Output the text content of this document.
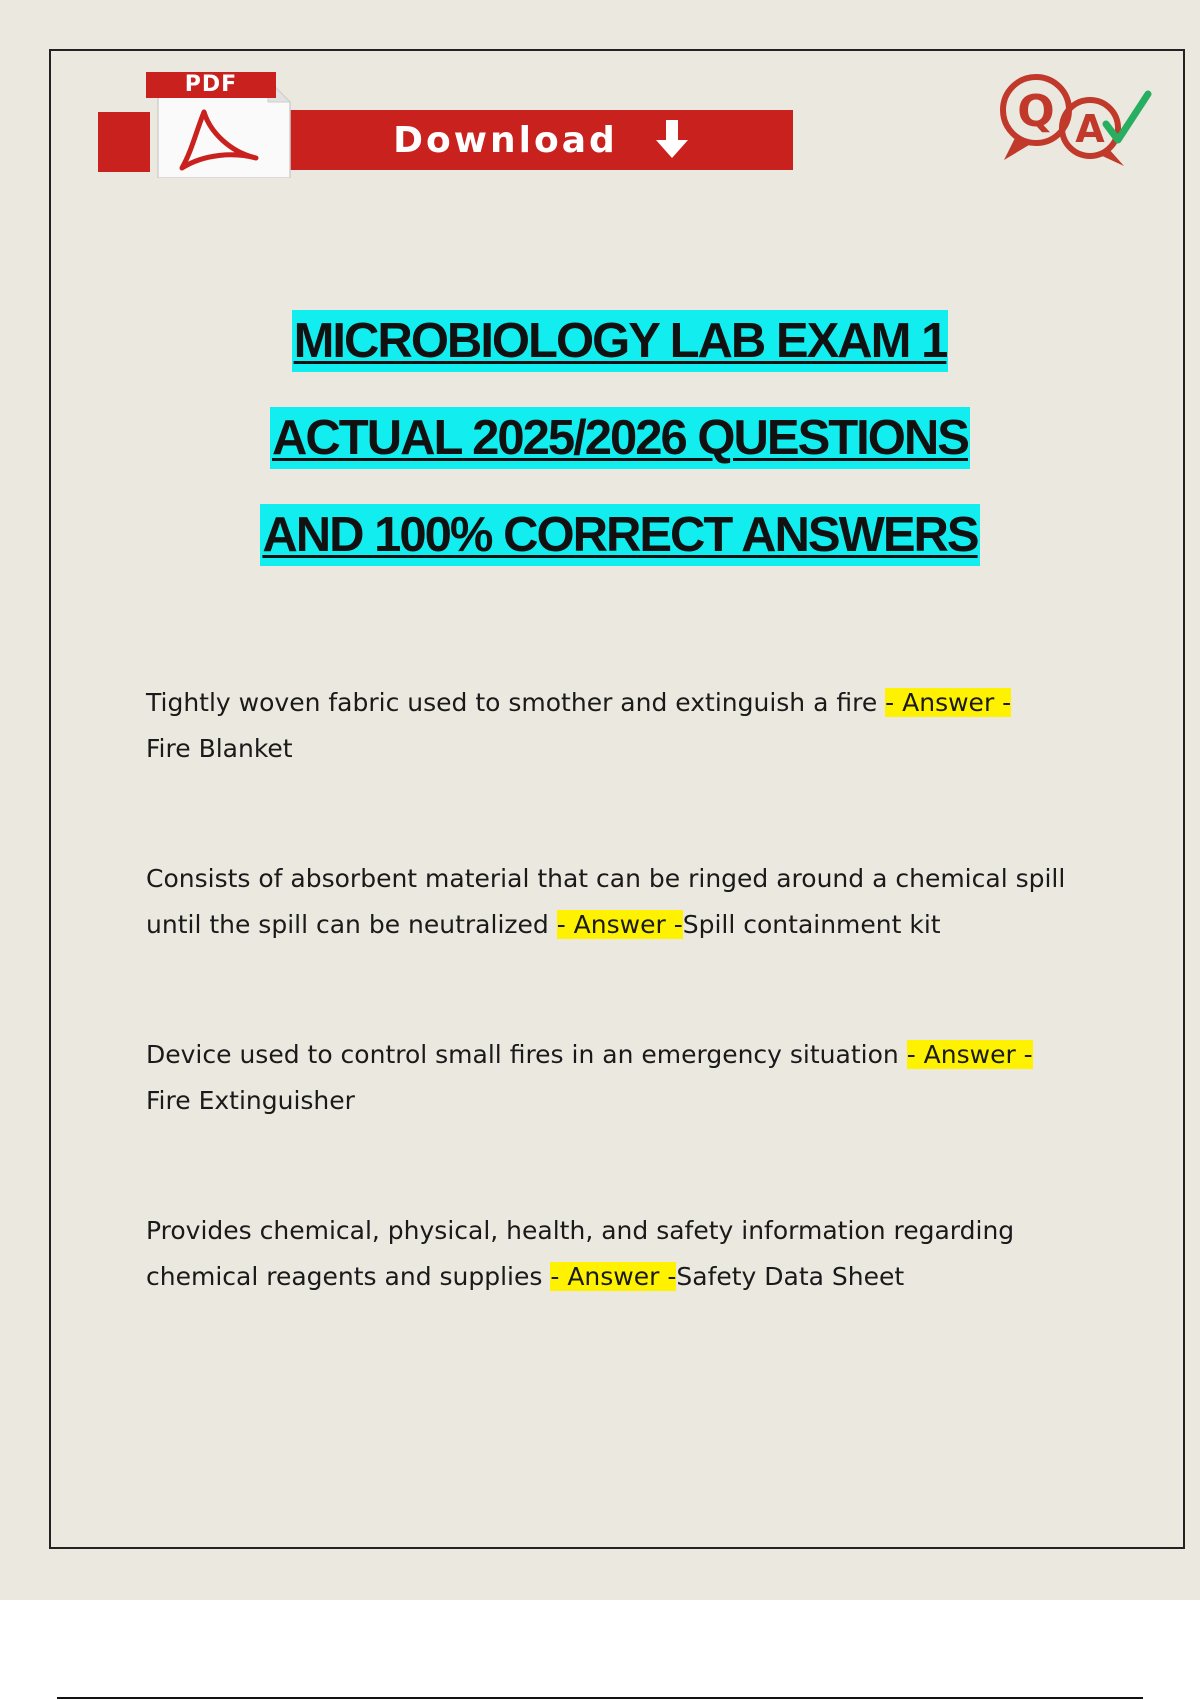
Download
PDF
Q A
MICROBIOLOGY LAB EXAM 1
ACTUAL 2025/2026 QUESTIONS
AND 100% CORRECT ANSWERS
Tightly woven fabric used to smother and extinguish a fire - Answer -
Fire Blanket
Consists of absorbent material that can be ringed around a chemical spill until the spill can be neutralized - Answer -Spill containment kit
Device used to control small fires in an emergency situation - Answer -
Fire Extinguisher
Provides chemical, physical, health, and safety information regarding chemical reagents and supplies - Answer -Safety Data Sheet
